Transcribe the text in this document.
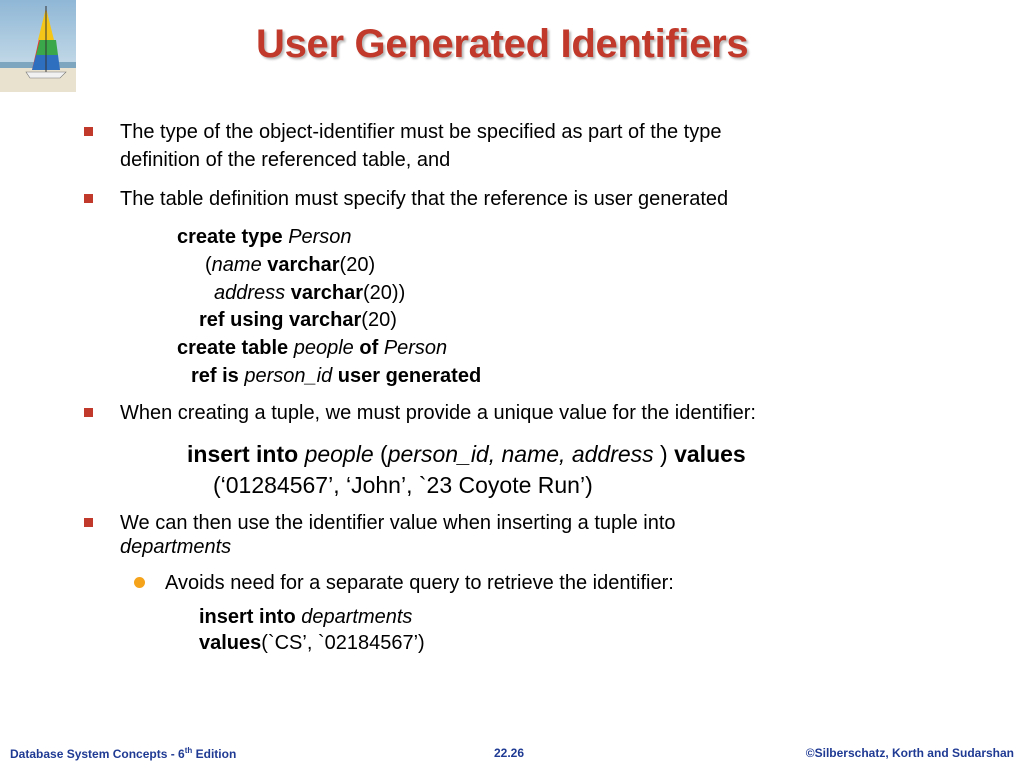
User Generated Identifiers
The type of the object-identifier must be specified as part of the type
definition of the referenced table, and
The table definition must specify that the reference is user generated
create type Person
(name varchar(20)
address varchar(20))
ref using varchar(20)
create table people of Person
ref is person_id user generated
When creating a tuple, we must provide a unique value for the identifier:
insert into people (person_id, name, address ) values
(‘01284567’, ‘John’, `23 Coyote Run’)
We can then use the identifier value when inserting a tuple into
departments
Avoids need for a separate query to retrieve the identifier:
insert into departments
values(`CS’, `02184567’)
Database System Concepts - 6th Edition	22.26	©Silberschatz, Korth and Sudarshan
